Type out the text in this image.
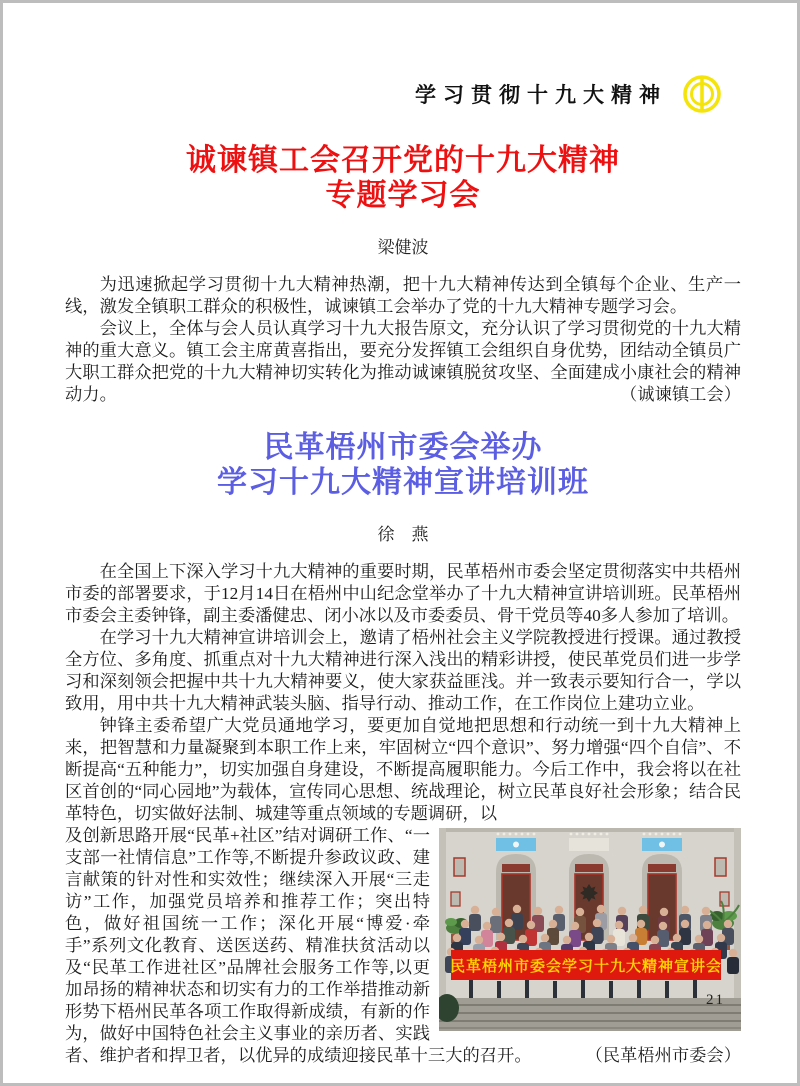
学习贯彻十九大精神
诚谏镇工会召开党的十九大精神
专题学习会
梁健波

为迅速掀起学习贯彻十九大精神热潮，把十九大精神传达到全镇每个企业、生产一线，激发全镇职工群众的积极性，诚谏镇工会举办了党的十九大精神专题学习会。

会议上，全体与会人员认真学习十九大报告原文，充分认识了学习贯彻党的十九大精神的重大意义。镇工会主席黄喜指出，要充分发挥镇工会组织自身优势，团结动全镇员广大职工群众把党的十九大精神切实转化为推动诚谏镇脱贫攻坚、全面建成小康社会的精神动力。	（诚谏镇工会）

民革梧州市委会举办
学习十九大精神宣讲培训班
徐　燕

在全国上下深入学习十九大精神的重要时期，民革梧州市委会坚定贯彻落实中共梧州市委的部署要求，于12月14日在梧州中山纪念堂举办了十九大精神宣讲培训班。民革梧州市委会主委钟锋，副主委潘健忠、闭小冰以及市委委员、骨干党员等40多人参加了培训。

在学习十九大精神宣讲培训会上，邀请了梧州社会主义学院教授进行授课。通过教授全方位、多角度、抓重点对十九大精神进行深入浅出的精彩讲授，使民革党员们进一步学习和深刻领会把握中共十九大精神要义，使大家获益匪浅。并一致表示要知行合一，学以致用，用中共十九大精神武装头脑、指导行动、推动工作，在工作岗位上建功立业。

钟锋主委希望广大党员通地学习，要更加自觉地把思想和行动统一到十九大精神上来，把智慧和力量凝聚到本职工作上来，牢固树立“四个意识”、努力增强“四个自信”、不断提高“五种能力”，切实加强自身建设，不断提高履职能力。今后工作中，我会将以在社区首创的“同心园地”为载体，宣传同心思想、统战理论，树立民革良好社会形象；结合民革特色，切实做好法制、城建等重点领域的专题调研，以

民革梧州市委会学习十九大精神宣讲会
及创新思路开展“民革+社区”结对调研工作、“一支部一社情信息”工作等,不断提升参政议政、建言献策的针对性和实效性；继续深入开展“三走访”工作，加强党员培养和推荐工作；突出特色，做好祖国统一工作；深化开展“博爱·牵手”系列文化教育、送医送药、精准扶贫活动以及“民革工作进社区”品牌社会服务工作等,以更加昂扬的精神状态和切实有力的工作举措推动新形势下梧州民革各项工作取得新成绩，有新的作为，做好中国特色社会主义事业的亲历者、实践者、维护者和捍卫者，以优异的成绩迎接民革十三大的召开。	（民革梧州市委会）
21
